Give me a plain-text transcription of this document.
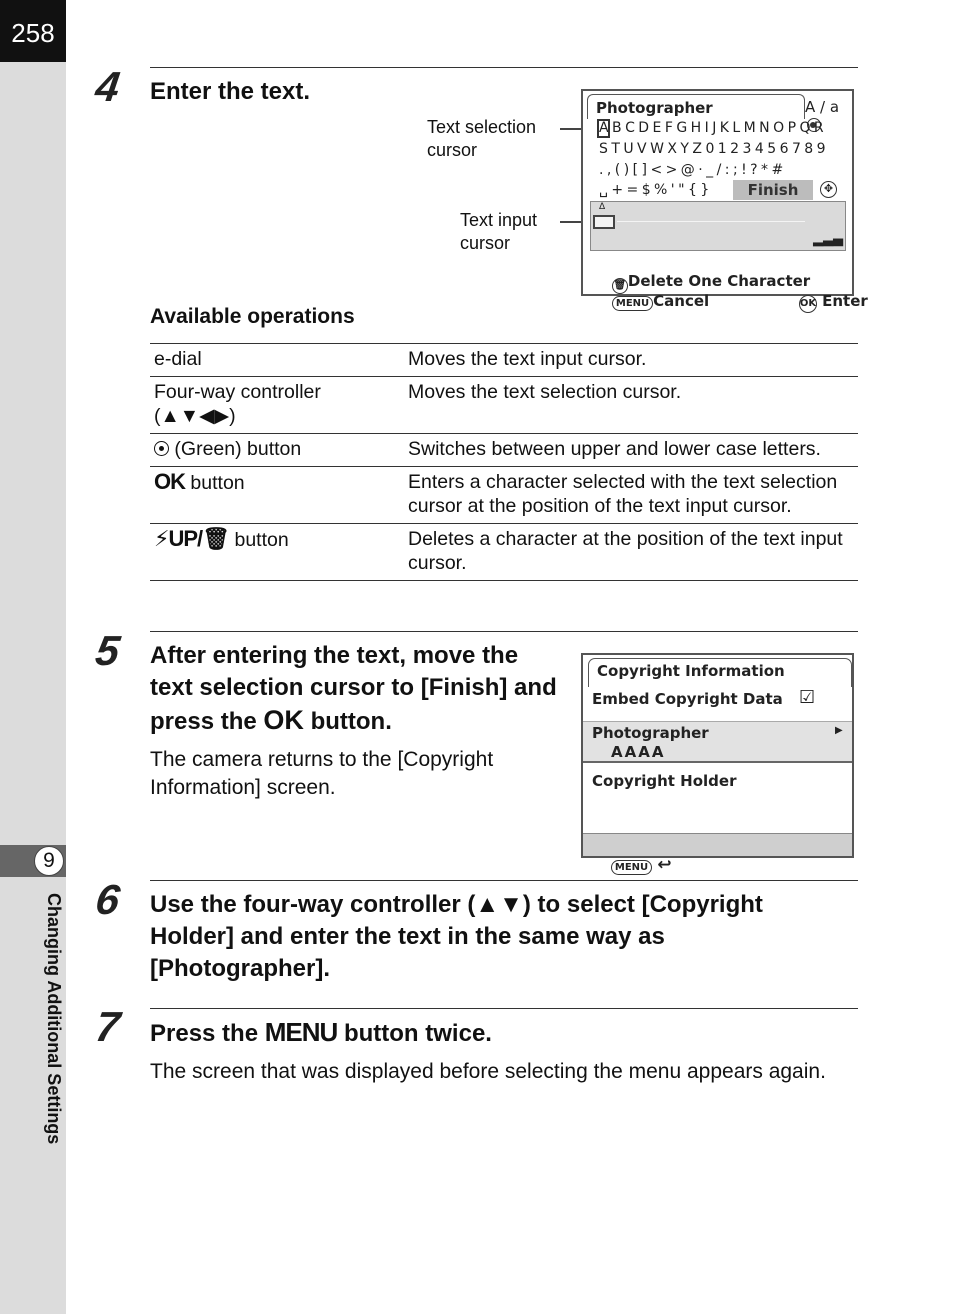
258
9
Changing Additional Settings
4 Enter the text.
Text selection cursor
Text input cursor
Photographer

	A / a
A B C D E F G H I J K L M N O P Q R
S T U V W X Y Z 0 1 2 3 4 5 6 7 8 9
. , ( ) [ ] < > @ · _ / : ; ! ? * #
␣ + = $ % ' " { }	Finish	✥
Δ
▂▃▄

🗑 Delete One Character

MENU Cancel
	OK Enter

Available operations
e-dial	Moves the text input cursor.
Four-way controller (▲▼◀▶)	Moves the text selection cursor.
(Green) button	Switches between upper and lower case letters.
OK button	Enters a character selected with the text selection cursor at the position of the text input cursor.
⚡UP/🗑 button	Deletes a character at the position of the text input cursor.
5 After entering the text, move the text selection cursor to [Finish] and press the OK button.
The camera returns to the [Copyright Information] screen.
Copyright Information
Embed Copyright Data ☑
Photographer	▶
AAAA
Copyright Holder

MENU ↩

6 Use the four-way controller (▲▼) to select [Copyright Holder] and enter the text in the same way as [Photographer].
7 Press the MENU button twice.
The screen that was displayed before selecting the menu appears again.
